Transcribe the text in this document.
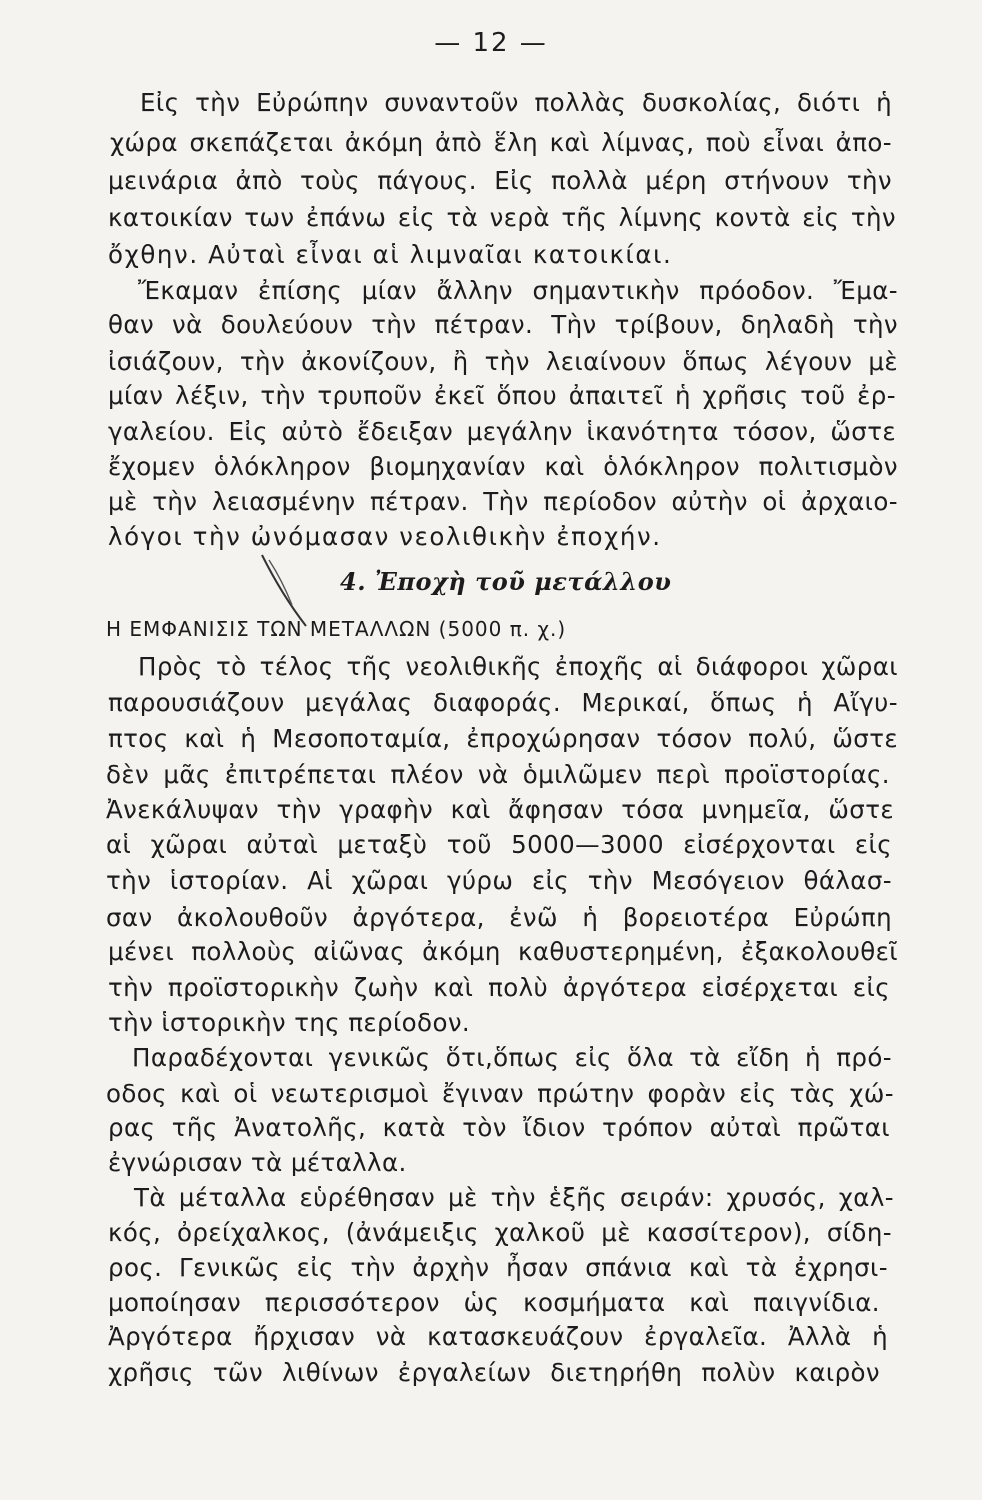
— 12 —
Εἰς τὴν Εὐρώπην συναντοῦν πολλὰς δυσκολίας, διότι ἡ
χώρα σκεπάζεται ἀκόμη ἀπὸ ἕλη καὶ λίμνας, ποὺ εἶναι ἀπο-
μεινάρια ἀπὸ τοὺς πάγους. Εἰς πολλὰ μέρη στήνουν τὴν
κατοικίαν των ἐπάνω εἰς τὰ νερὰ τῆς λίμνης κοντὰ εἰς τὴν
ὄχθην. Αὐταὶ εἶναι αἱ λιμναῖαι κατοικίαι.
Ἔκαμαν ἐπίσης μίαν ἄλλην σημαντικὴν πρόοδον. Ἔμα-
θαν νὰ δουλεύουν τὴν πέτραν. Τὴν τρίβουν, δηλαδὴ τὴν
ἰσιάζουν, τὴν ἀκονίζουν, ἢ τὴν λειαίνουν ὅπως λέγουν μὲ
μίαν λέξιν, τὴν τρυποῦν ἐκεῖ ὅπου ἀπαιτεῖ ἡ χρῆσις τοῦ ἐρ-
γαλείου. Εἰς αὐτὸ ἔδειξαν μεγάλην ἱκανότητα τόσον, ὥστε
ἔχομεν ὁλόκληρον βιομηχανίαν καὶ ὁλόκληρον πολιτισμὸν
μὲ τὴν λειασμένην πέτραν. Τὴν περίοδον αὐτὴν οἱ ἀρχαιο-
λόγοι τὴν ὠνόμασαν νεολιθικὴν ἐποχήν.
4. Ἐποχὴ τοῦ μετάλλου
Η ΕΜΦΑΝΙΣΙΣ ΤΩΝ ΜΕΤΑΛΛΩΝ (5000 π. χ.)
Πρὸς τὸ τέλος τῆς νεολιθικῆς ἐποχῆς αἱ διάφοροι χῶραι
παρουσιάζουν μεγάλας διαφοράς. Μερικαί, ὅπως ἡ Αἴγυ-
πτος καὶ ἡ Μεσοποταμία, ἐπροχώρησαν τόσον πολύ, ὥστε
δὲν μᾶς ἐπιτρέπεται πλέον νὰ ὁμιλῶμεν περὶ προϊστορίας.
Ἀνεκάλυψαν τὴν γραφὴν καὶ ἄφησαν τόσα μνημεῖα, ὥστε
αἱ χῶραι αὐταὶ μεταξὺ τοῦ 5000—3000 εἰσέρχονται εἰς
τὴν ἱστορίαν. Αἱ χῶραι γύρω εἰς τὴν Μεσόγειον θάλασ-
σαν ἀκολουθοῦν ἀργότερα, ἐνῶ ἡ βορειοτέρα Εὐρώπη
μένει πολλοὺς αἰῶνας ἀκόμη καθυστερημένη, ἐξακολουθεῖ
τὴν προϊστορικὴν ζωὴν καὶ πολὺ ἀργότερα εἰσέρχεται εἰς
τὴν ἱστορικὴν της περίοδον.
Παραδέχονται γενικῶς ὅτι,ὅπως εἰς ὅλα τὰ εἴδη ἡ πρό-
οδος καὶ οἱ νεωτερισμοὶ ἔγιναν πρώτην φορὰν εἰς τὰς χώ-
ρας τῆς Ἀνατολῆς, κατὰ τὸν ἴδιον τρόπον αὐταὶ πρῶται
ἐγνώρισαν τὰ μέταλλα.
Τὰ μέταλλα εὑρέθησαν μὲ τὴν ἑξῆς σειράν: χρυσός, χαλ-
κός, ὀρείχαλκος, (ἀνάμειξις χαλκοῦ μὲ κασσίτερον), σίδη-
ρος. Γενικῶς εἰς τὴν ἀρχὴν ἦσαν σπάνια καὶ τὰ ἐχρησι-
μοποίησαν περισσότερον ὡς κοσμήματα καὶ παιγνίδια.
Ἀργότερα ἤρχισαν νὰ κατασκευάζουν ἐργαλεῖα. Ἀλλὰ ἡ
χρῆσις τῶν λιθίνων ἐργαλείων διετηρήθη πολὺν καιρὸν
